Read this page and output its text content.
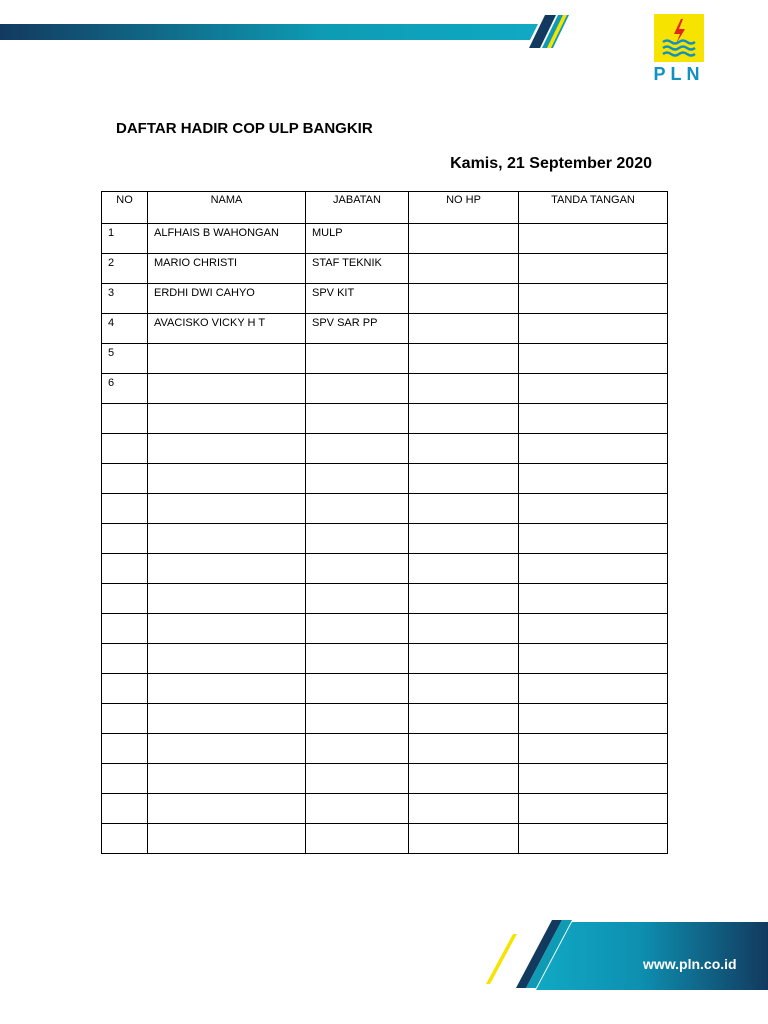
PLN
DAFTAR HADIR COP ULP BANGKIR
Kamis, 21 September 2020
NO	NAMA	JABATAN	NO HP	TANDA TANGAN
1	ALFHAIS B WAHONGAN	MULP		
2	MARIO CHRISTI	STAF TEKNIK		
3	ERDHI DWI CAHYO	SPV KIT		
4	AVACISKO VICKY H T	SPV SAR PP		
5				
6				

www.pln.co.id
